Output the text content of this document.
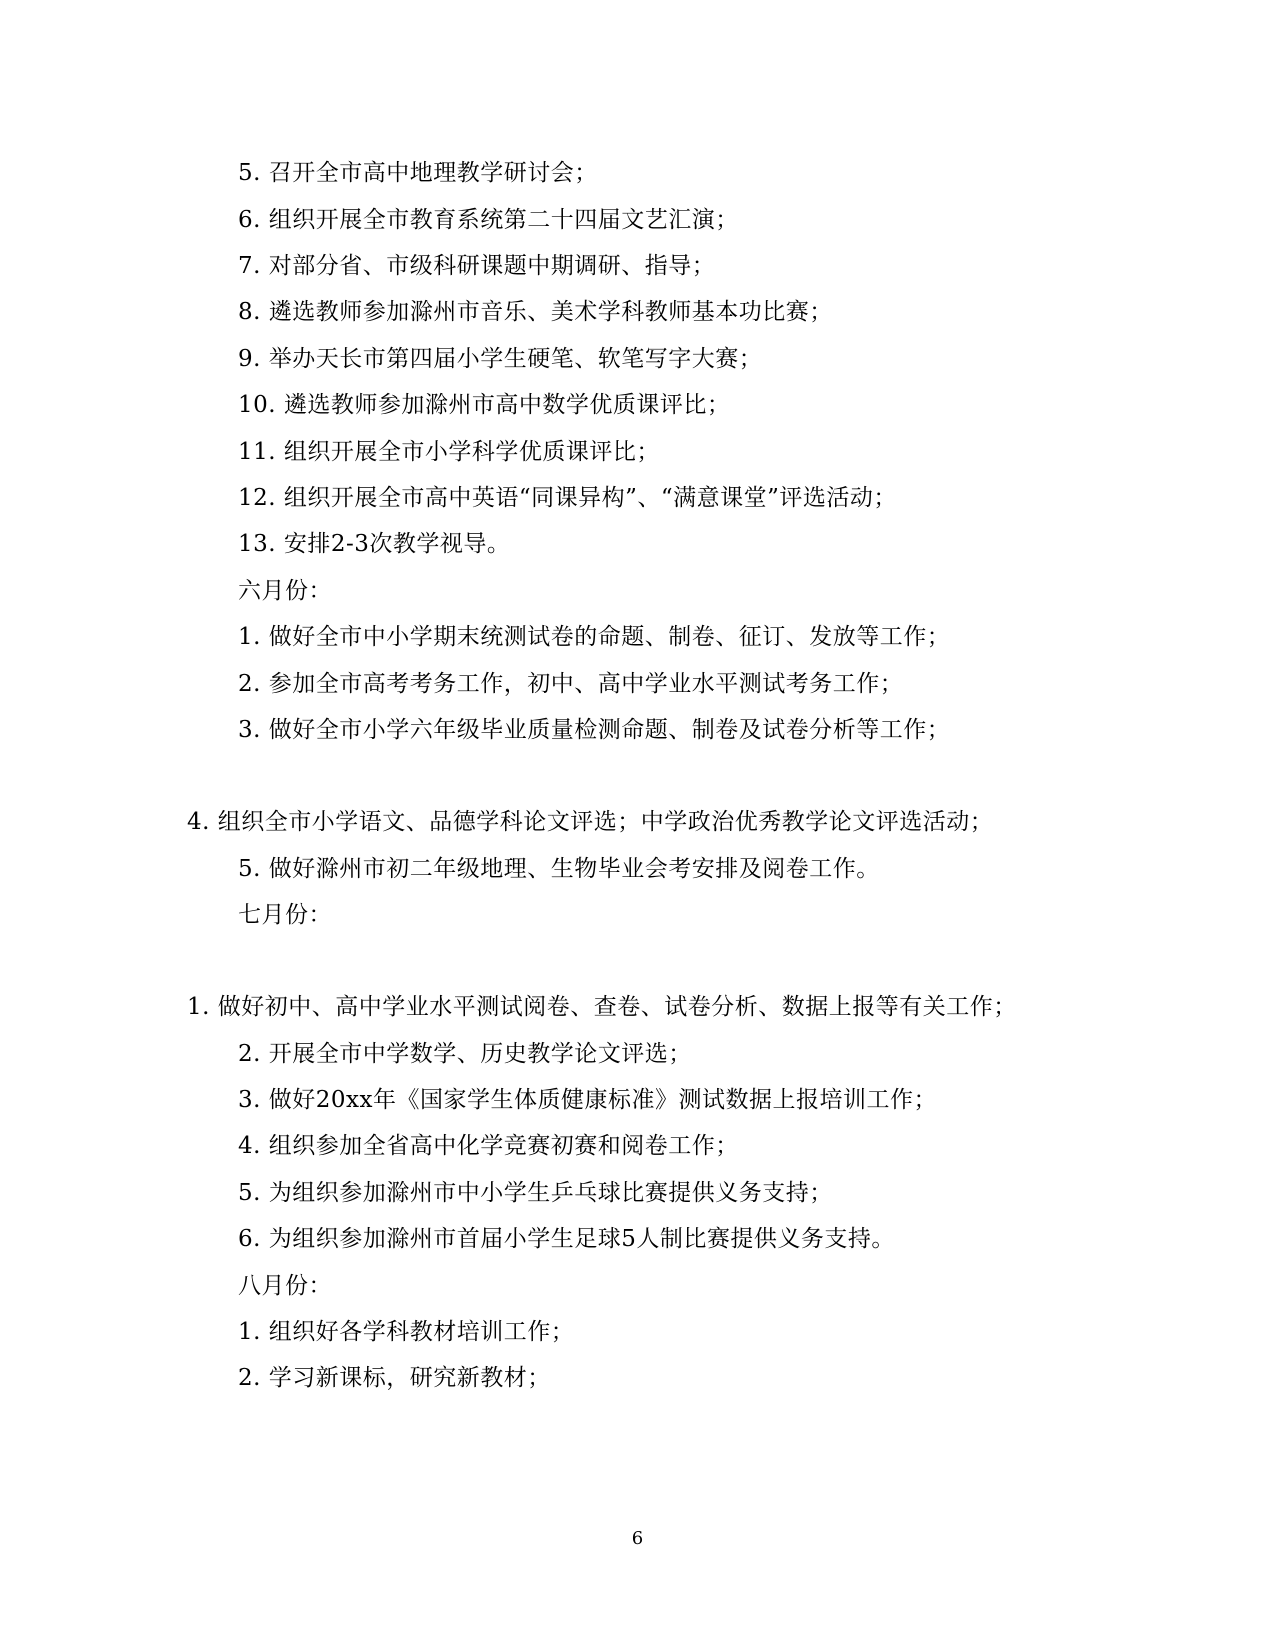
5. 召开全市高中地理教学研讨会；
6. 组织开展全市教育系统第二十四届文艺汇演；
7. 对部分省、市级科研课题中期调研、指导；
8. 遴选教师参加滁州市音乐、美术学科教师基本功比赛；
9. 举办天长市第四届小学生硬笔、软笔写字大赛；
10. 遴选教师参加滁州市高中数学优质课评比；
11. 组织开展全市小学科学优质课评比；
12. 组织开展全市高中英语“同课异构”、“满意课堂”评选活动；
13. 安排2-3次教学视导。
六月份：
1. 做好全市中小学期末统测试卷的命题、制卷、征订、发放等工作；
2. 参加全市高考考务工作，初中、高中学业水平测试考务工作；
3. 做好全市小学六年级毕业质量检测命题、制卷及试卷分析等工作；
4. 组织全市小学语文、品德学科论文评选；中学政治优秀教学论文评选活动；
5. 做好滁州市初二年级地理、生物毕业会考安排及阅卷工作。
七月份：
1. 做好初中、高中学业水平测试阅卷、查卷、试卷分析、数据上报等有关工作；
2. 开展全市中学数学、历史教学论文评选；
3. 做好20xx年《国家学生体质健康标准》测试数据上报培训工作；
4. 组织参加全省高中化学竞赛初赛和阅卷工作；
5. 为组织参加滁州市中小学生乒乓球比赛提供义务支持；
6. 为组织参加滁州市首届小学生足球5人制比赛提供义务支持。
八月份：
1. 组织好各学科教材培训工作；
2. 学习新课标，研究新教材；
6
